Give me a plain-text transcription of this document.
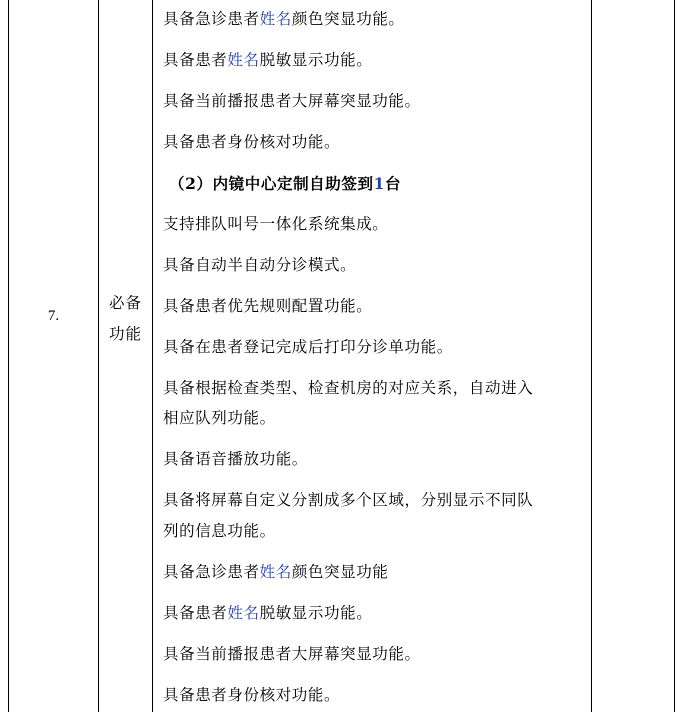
7.
必备
功能
具备急诊患者姓名颜色突显功能。
具备患者姓名脱敏显示功能。
具备当前播报患者大屏幕突显功能。
具备患者身份核对功能。
（2）内镜中心定制自助签到1台
支持排队叫号一体化系统集成。
具备自动半自动分诊模式。
具备患者优先规则配置功能。
具备在患者登记完成后打印分诊单功能。
具备根据检查类型、检查机房的对应关系，自动进入
相应队列功能。
具备语音播放功能。
具备将屏幕自定义分割成多个区域，分别显示不同队
列的信息功能。
具备急诊患者姓名颜色突显功能
具备患者姓名脱敏显示功能。
具备当前播报患者大屏幕突显功能。
具备患者身份核对功能。
